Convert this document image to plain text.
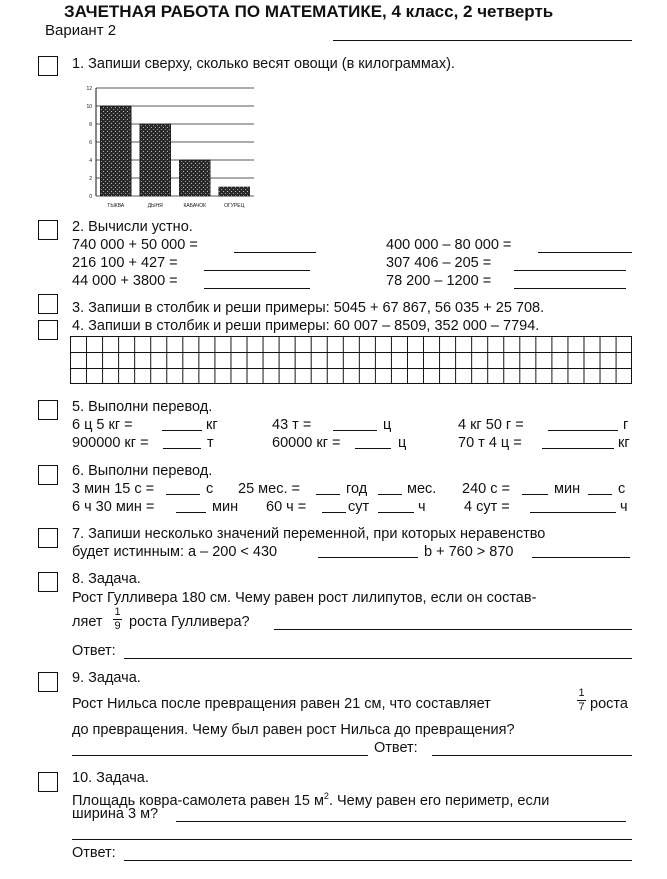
ЗАЧЕТНАЯ РАБОТА ПО МАТЕМАТИКЕ, 4 класс, 2 четверть
Вариант 2
1. Запиши сверху, сколько весят овощи (в килограммах).
0
2
4
6
8
10
12
ТЫКВА	ДЫНЯ	КАБАЧОК	ОГУРЕЦ
2. Вычисли устно.
740 000 + 50 000 =
216 100 + 427 =
44 000 + 3800 =
400 000 – 80 000 =
307 406 – 205 =
78 200 – 1200 =
3. Запиши в столбик и реши примеры: 5045 + 67 867, 56 035 + 25 708.
4. Запиши в столбик и реши примеры: 60 007 – 8509, 352 000 – 7794.
5. Выполни перевод.
6 ц 5 кг =	кг	43 т =	ц	4 кг 50 г =	г
900000 кг =	т	60000 кг =	ц	70 т 4 ц =	кг
6. Выполни перевод.
3 мин 15 с =	с 25 мес. =	год	мес. 240 с =	мин	с
6 ч 30 мин =	мин 60 ч =	сут	ч	4 сут =	ч
7. Запиши несколько значений переменной, при которых неравенство
будет истинным: a – 200 < 430	b + 760 > 870
8. Задача.
Рост Гулливера 180 см. Чему равен рост лилипутов, если он состав-
ляет
1
9 роста Гулливера?
Ответ:
9. Задача.
Рост Нильса после превращения равен 21 см, что составляет
1
7 роста
до превращения. Чему был равен рост Нильса до превращения?
Ответ:
10. Задача.
Площадь ковра-самолета равен 15 $м^2$. Чему равен его периметр, если
ширина 3 м?
Ответ:
